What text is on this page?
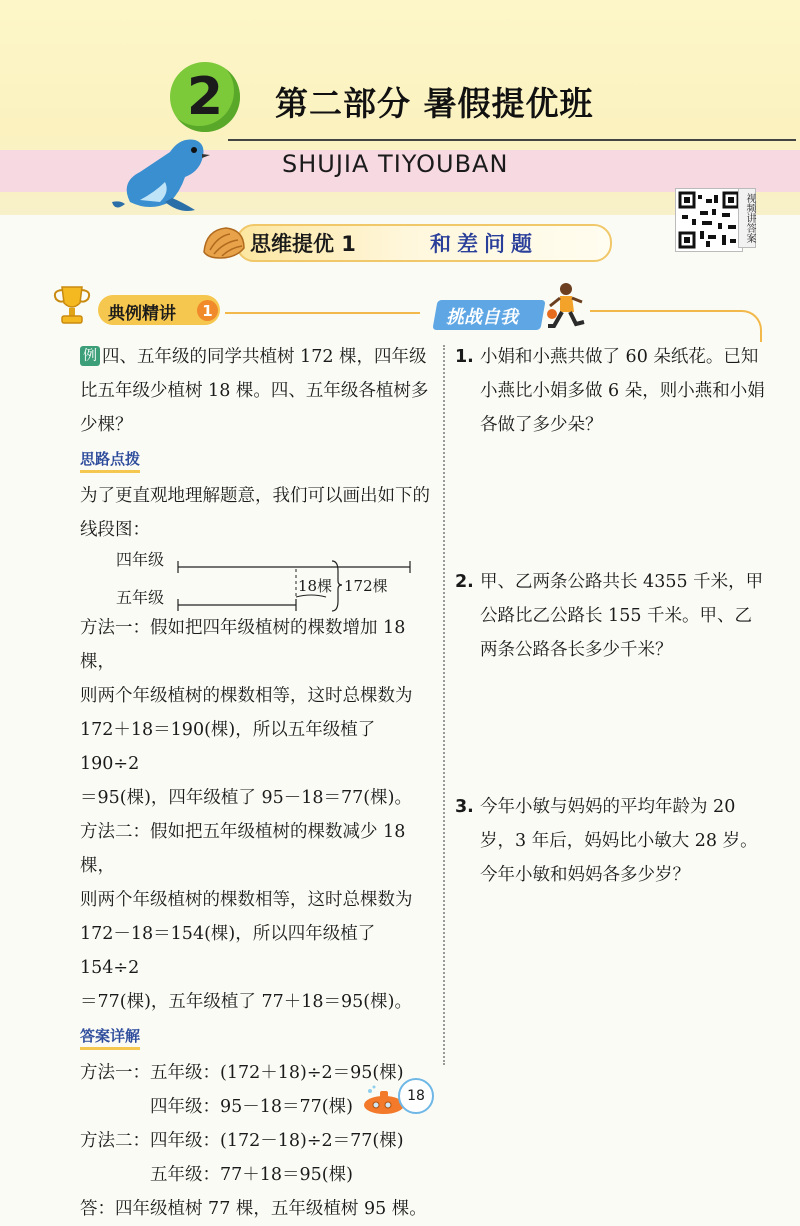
2	第二部分 暑假提优班
SHUJIA TIYOUBAN
视频讲答案
思维提优 1	和差问题
典例精讲	1	挑战自我

例 四、五年级的同学共植树 172 棵，四年级比五年级少植树 18 棵。四、五年级各植树多少棵？

思路点拨

为了更直观地理解题意，我们可以画出如下的线段图：

四年级
五年级
18棵 172棵

方法一：假如把四年级植树的棵数增加 18 棵，

则两个年级植树的棵数相等，这时总棵数为

172＋18＝190(棵)，所以五年级植了 190÷2

＝95(棵)，四年级植了 95－18＝77(棵)。

方法二：假如把五年级植树的棵数减少 18 棵，

则两个年级植树的棵数相等，这时总棵数为

172－18＝154(棵)，所以四年级植了 154÷2

＝77(棵)，五年级植了 77＋18＝95(棵)。

答案详解

方法一：五年级：(172＋18)÷2＝95(棵)

四年级：95－18＝77(棵)

方法二：四年级：(172－18)÷2＝77(棵)

五年级：77＋18＝95(棵)

答：四年级植树 77 棵，五年级植树 95 棵。

1. 小娟和小燕共做了 60 朵纸花。已知小燕比小娟多做 6 朵，则小燕和小娟各做了多少朵？
2. 甲、乙两条公路共长 4355 千米，甲公路比乙公路长 155 千米。甲、乙两条公路各长多少千米？
3. 今年小敏与妈妈的平均年龄为 20 岁，3 年后，妈妈比小敏大 28 岁。今年小敏和妈妈各多少岁？
18
